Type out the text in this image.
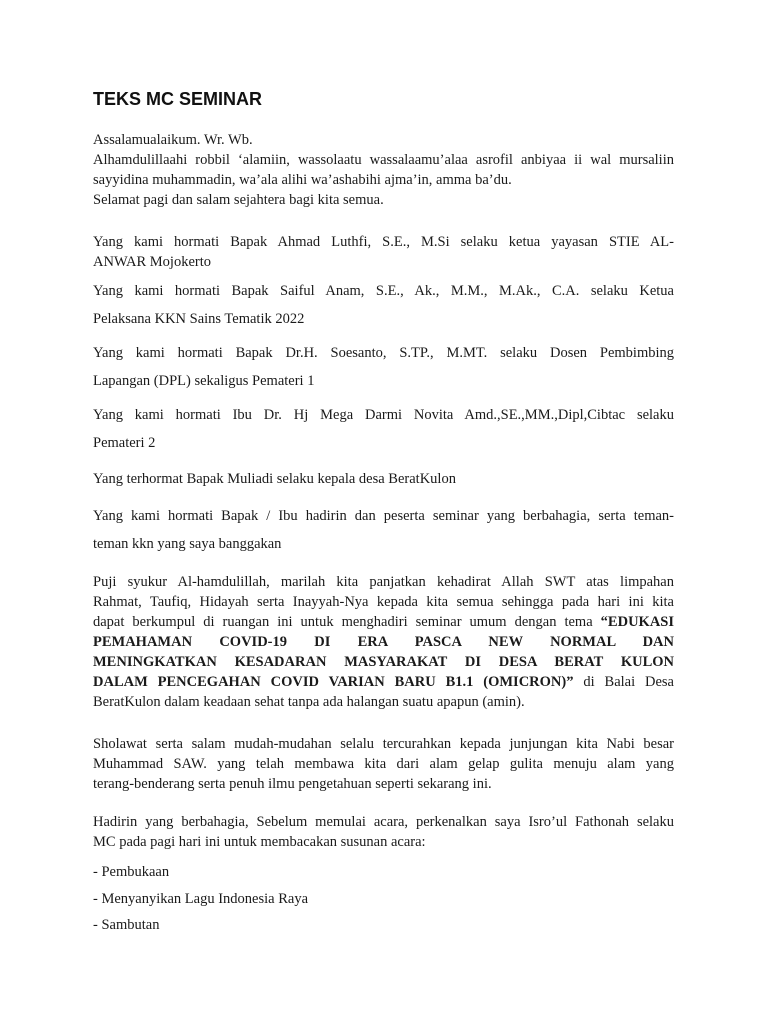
TEKS MC SEMINAR
Assalamualaikum. Wr. Wb.
Alhamdulillaahi robbil ‘alamiin, wassolaatu wassalaamu’alaa asrofil anbiyaa ii wal mursaliin
sayyidina muhammadin, wa’ala alihi wa’ashabihi ajma’in, amma ba’du.
Selamat pagi dan salam sejahtera bagi kita semua.
Yang kami hormati Bapak Ahmad Luthfi, S.E., M.Si selaku ketua yayasan STIE AL-
ANWAR Mojokerto
Yang kami hormati Bapak Saiful Anam, S.E., Ak., M.M., M.Ak., C.A. selaku Ketua
Pelaksana KKN Sains Tematik 2022
Yang kami hormati Bapak Dr.H. Soesanto, S.TP., M.MT. selaku Dosen Pembimbing
Lapangan (DPL) sekaligus Pemateri 1
Yang kami hormati Ibu Dr. Hj Mega Darmi Novita Amd.,SE.,MM.,Dipl,Cibtac selaku
Pemateri 2
Yang terhormat Bapak Muliadi selaku kepala desa BeratKulon
Yang kami hormati Bapak / Ibu hadirin dan peserta seminar yang berbahagia, serta teman-
teman kkn yang saya banggakan
Puji syukur Al-hamdulillah, marilah kita panjatkan kehadirat Allah SWT atas limpahan
Rahmat, Taufiq, Hidayah serta Inayyah-Nya kepada kita semua sehingga pada hari ini kita
dapat berkumpul di ruangan ini untuk menghadiri seminar umum dengan tema “EDUKASI
PEMAHAMAN COVID-19 DI ERA PASCA NEW NORMAL DAN
MENINGKATKAN KESADARAN MASYARAKAT DI DESA BERAT KULON
DALAM PENCEGAHAN COVID VARIAN BARU B1.1 (OMICRON)” di Balai Desa
BeratKulon dalam keadaan sehat tanpa ada halangan suatu apapun (amin).
Sholawat serta salam mudah-mudahan selalu tercurahkan kepada junjungan kita Nabi besar
Muhammad SAW. yang telah membawa kita dari alam gelap gulita menuju alam yang
terang-benderang serta penuh ilmu pengetahuan seperti sekarang ini.
Hadirin yang berbahagia, Sebelum memulai acara, perkenalkan saya Isro’ul Fathonah selaku
MC pada pagi hari ini untuk membacakan susunan acara:
- Pembukaan
- Menyanyikan Lagu Indonesia Raya
- Sambutan
